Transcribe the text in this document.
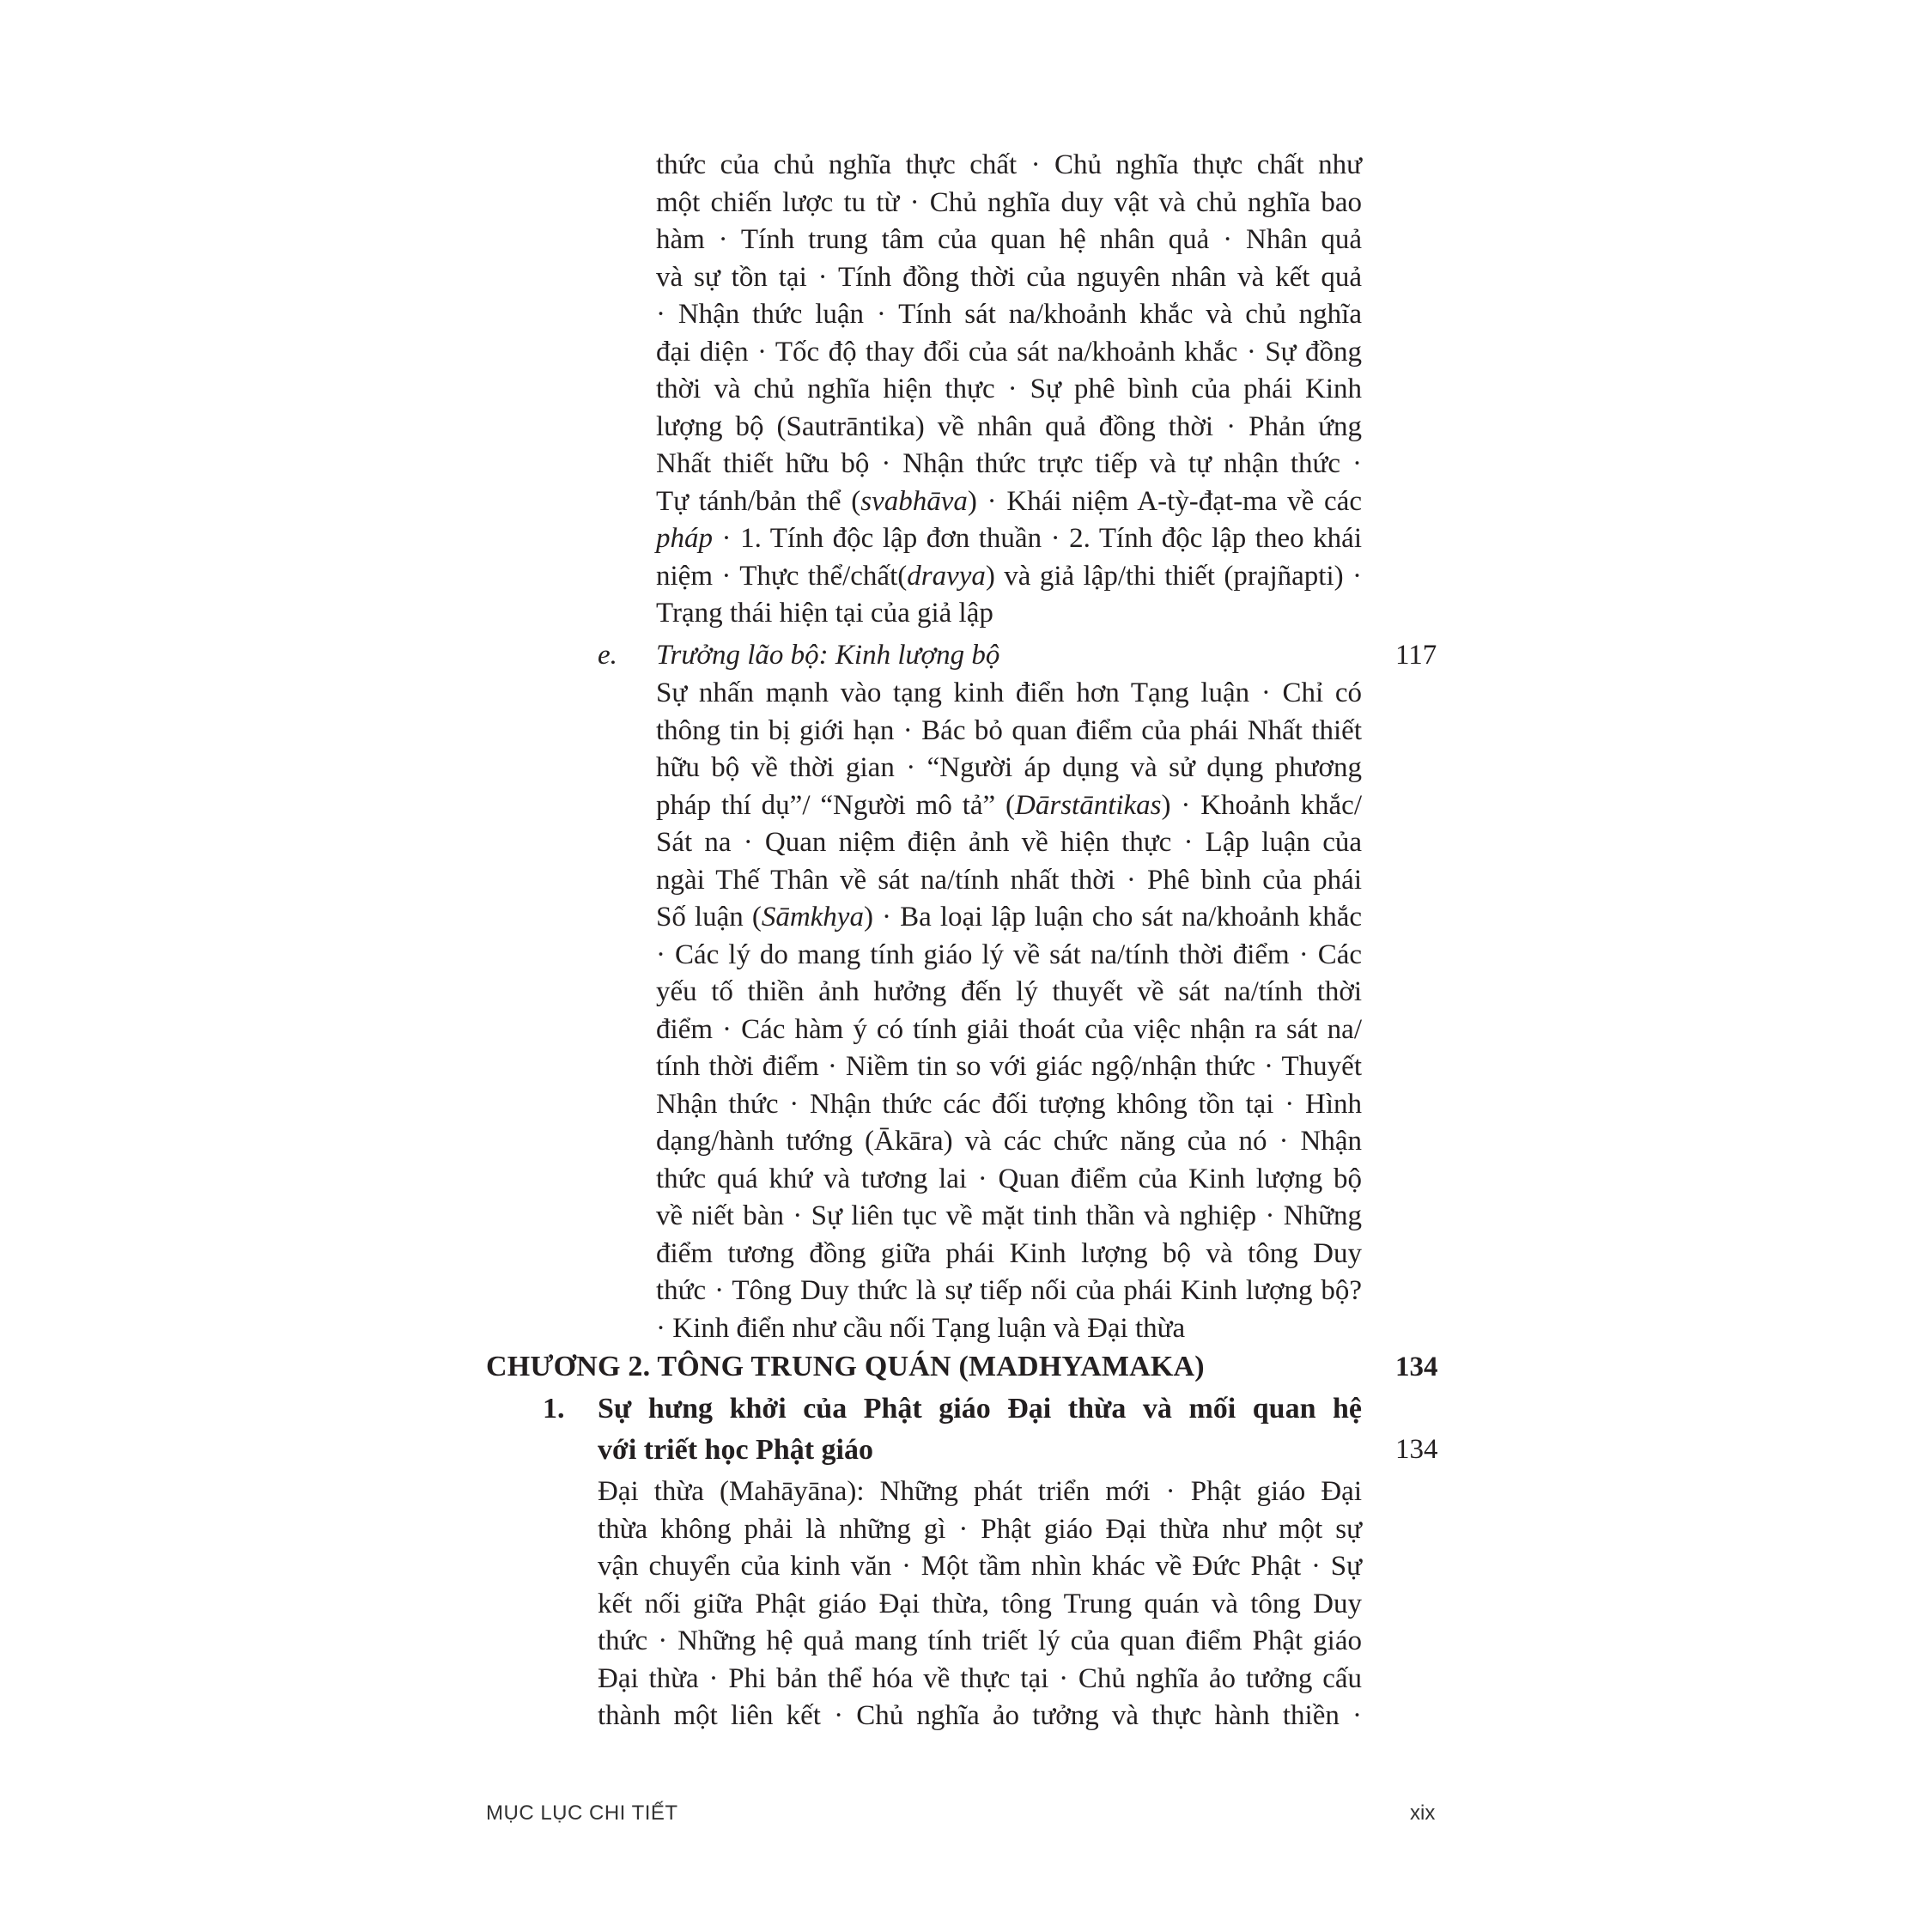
thức của chủ nghĩa thực chất · Chủ nghĩa thực chất như
một chiến lược tu từ · Chủ nghĩa duy vật và chủ nghĩa bao
hàm · Tính trung tâm của quan hệ nhân quả · Nhân quả
và sự tồn tại · Tính đồng thời của nguyên nhân và kết quả
· Nhận thức luận · Tính sát na/khoảnh khắc và chủ nghĩa
đại diện · Tốc độ thay đổi của sát na/khoảnh khắc · Sự đồng
thời và chủ nghĩa hiện thực · Sự phê bình của phái Kinh
lượng bộ (Sautrāntika) về nhân quả đồng thời · Phản ứng
Nhất thiết hữu bộ · Nhận thức trực tiếp và tự nhận thức ·
Tự tánh/bản thể (svabhāva) · Khái niệm A-tỳ-đạt-ma về các
pháp · 1. Tính độc lập đơn thuần · 2. Tính độc lập theo khái
niệm · Thực thể/chất(dravya) và giả lập/thi thiết (prajñapti) ·
Trạng thái hiện tại của giả lập
e. Trưởng lão bộ: Kinh lượng bộ	117
Sự nhấn mạnh vào tạng kinh điển hơn Tạng luận · Chỉ có
thông tin bị giới hạn · Bác bỏ quan điểm của phái Nhất thiết
hữu bộ về thời gian · “Người áp dụng và sử dụng phương
pháp thí dụ”/ “Người mô tả” (Dārstāntikas) · Khoảnh khắc/
Sát na · Quan niệm điện ảnh về hiện thực · Lập luận của
ngài Thế Thân về sát na/tính nhất thời · Phê bình của phái
Số luận (Sāmkhya) · Ba loại lập luận cho sát na/khoảnh khắc
· Các lý do mang tính giáo lý về sát na/tính thời điểm · Các
yếu tố thiền ảnh hưởng đến lý thuyết về sát na/tính thời
điểm · Các hàm ý có tính giải thoát của việc nhận ra sát na/
tính thời điểm · Niềm tin so với giác ngộ/nhận thức · Thuyết
Nhận thức · Nhận thức các đối tượng không tồn tại · Hình
dạng/hành tướng (Ākāra) và các chức năng của nó · Nhận
thức quá khứ và tương lai · Quan điểm của Kinh lượng bộ
về niết bàn · Sự liên tục về mặt tinh thần và nghiệp · Những
điểm tương đồng giữa phái Kinh lượng bộ và tông Duy
thức · Tông Duy thức là sự tiếp nối của phái Kinh lượng bộ?
· Kinh điển như cầu nối Tạng luận và Đại thừa
CHƯƠNG 2. TÔNG TRUNG QUÁN (MADHYAMAKA)	134
1. Sự hưng khởi của Phật giáo Đại thừa và mối quan hệ
với triết học Phật giáo	134
Đại thừa (Mahāyāna): Những phát triển mới · Phật giáo Đại
thừa không phải là những gì · Phật giáo Đại thừa như một sự
vận chuyển của kinh văn · Một tầm nhìn khác về Đức Phật · Sự
kết nối giữa Phật giáo Đại thừa, tông Trung quán và tông Duy
thức · Những hệ quả mang tính triết lý của quan điểm Phật giáo
Đại thừa · Phi bản thể hóa về thực tại · Chủ nghĩa ảo tưởng cấu
thành một liên kết · Chủ nghĩa ảo tưởng và thực hành thiền ·
MỤC LỤC CHI TIẾT	xix
